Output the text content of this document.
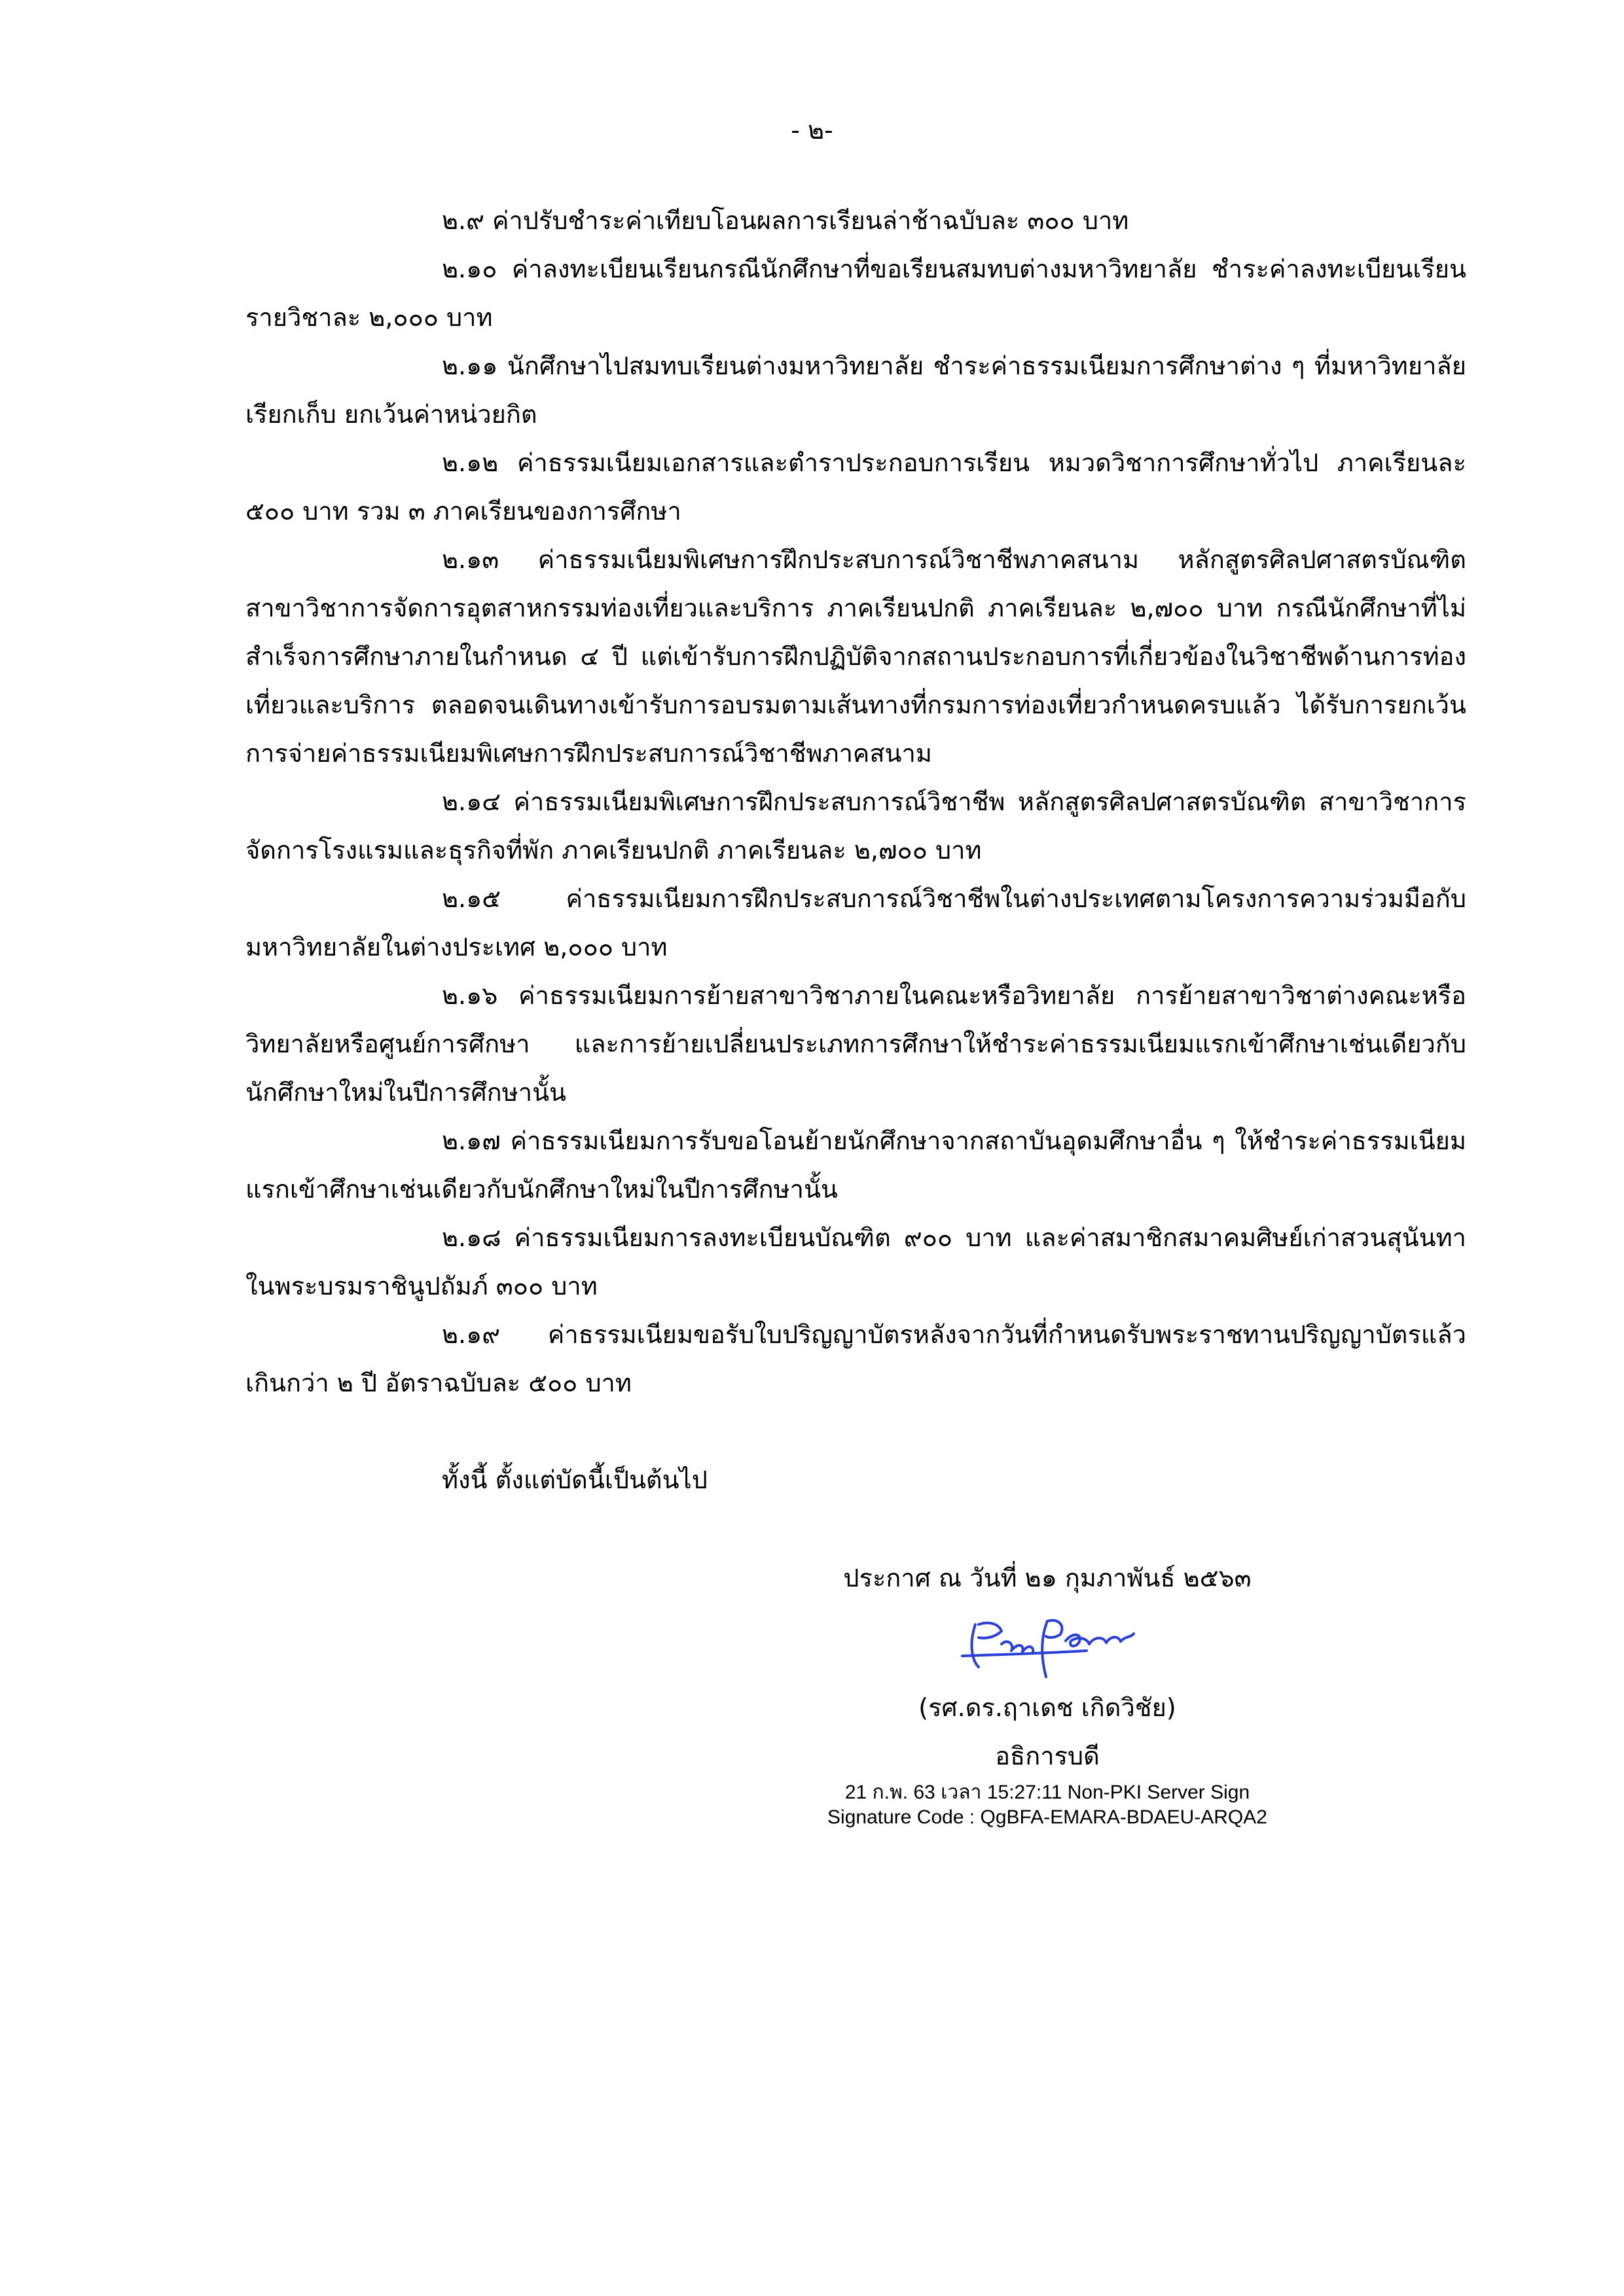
- ๒-

๒.๙ ค่าปรับชำระค่าเทียบโอนผลการเรียนล่าช้าฉบับละ ๓๐๐ บาท

๒.๑๐ ค่าลงทะเบียนเรียนกรณีนักศึกษาที่ขอเรียนสมทบต่างมหาวิทยาลัย ชำระค่าลงทะเบียนเรียนรายวิชาละ ๒,๐๐๐ บาท

๒.๑๑ นักศึกษาไปสมทบเรียนต่างมหาวิทยาลัย ชำระค่าธรรมเนียมการศึกษาต่าง ๆ ที่มหาวิทยาลัยเรียกเก็บ ยกเว้นค่าหน่วยกิต

๒.๑๒ ค่าธรรมเนียมเอกสารและตำราประกอบการเรียน หมวดวิชาการศึกษาทั่วไป ภาคเรียนละ ๕๐๐ บาท รวม ๓ ภาคเรียนของการศึกษา

๒.๑๓ ค่าธรรมเนียมพิเศษการฝึกประสบการณ์วิชาชีพภาคสนาม หลักสูตรศิลปศาสตรบัณฑิต สาขาวิชาการจัดการอุตสาหกรรมท่องเที่ยวและบริการ ภาคเรียนปกติ ภาคเรียนละ ๒,๗๐๐ บาท กรณีนักศึกษาที่ไม่สำเร็จการศึกษาภายในกำหนด ๔ ปี แต่เข้ารับการฝึกปฏิบัติจากสถานประกอบการที่เกี่ยวข้องในวิชาชีพด้านการท่องเที่ยวและบริการ ตลอดจนเดินทางเข้ารับการอบรมตามเส้นทางที่กรมการท่องเที่ยวกำหนดครบแล้ว ได้รับการยกเว้นการจ่ายค่าธรรมเนียมพิเศษการฝึกประสบการณ์วิชาชีพภาคสนาม

๒.๑๔ ค่าธรรมเนียมพิเศษการฝึกประสบการณ์วิชาชีพ หลักสูตรศิลปศาสตรบัณฑิต สาขาวิชาการจัดการโรงแรมและธุรกิจที่พัก ภาคเรียนปกติ ภาคเรียนละ ๒,๗๐๐ บาท

๒.๑๕ ค่าธรรมเนียมการฝึกประสบการณ์วิชาชีพในต่างประเทศตามโครงการความร่วมมือกับมหาวิทยาลัยในต่างประเทศ ๒,๐๐๐ บาท

๒.๑๖ ค่าธรรมเนียมการย้ายสาขาวิชาภายในคณะหรือวิทยาลัย การย้ายสาขาวิชาต่างคณะหรือวิทยาลัยหรือศูนย์การศึกษา และการย้ายเปลี่ยนประเภทการศึกษาให้ชำระค่าธรรมเนียมแรกเข้าศึกษาเช่นเดียวกับนักศึกษาใหม่ในปีการศึกษานั้น

๒.๑๗ ค่าธรรมเนียมการรับขอโอนย้ายนักศึกษาจากสถาบันอุดมศึกษาอื่น ๆ ให้ชำระค่าธรรมเนียมแรกเข้าศึกษาเช่นเดียวกับนักศึกษาใหม่ในปีการศึกษานั้น

๒.๑๘ ค่าธรรมเนียมการลงทะเบียนบัณฑิต ๙๐๐ บาท และค่าสมาชิกสมาคมศิษย์เก่าสวนสุนันทาในพระบรมราชินูปถัมภ์ ๓๐๐ บาท

๒.๑๙ ค่าธรรมเนียมขอรับใบปริญญาบัตรหลังจากวันที่กำหนดรับพระราชทานปริญญาบัตรแล้วเกินกว่า ๒ ปี อัตราฉบับละ ๕๐๐ บาท

ทั้งนี้ ตั้งแต่บัดนี้เป็นต้นไป

ประกาศ ณ วันที่ ๒๑ กุมภาพันธ์ ๒๕๖๓
(รศ.ดร.ฤาเดช เกิดวิชัย)
อธิการบดี
21 ก.พ. 63 เวลา 15:27:11 Non-PKI Server Sign
Signature Code : QgBFA-EMARA-BDAEU-ARQA2
